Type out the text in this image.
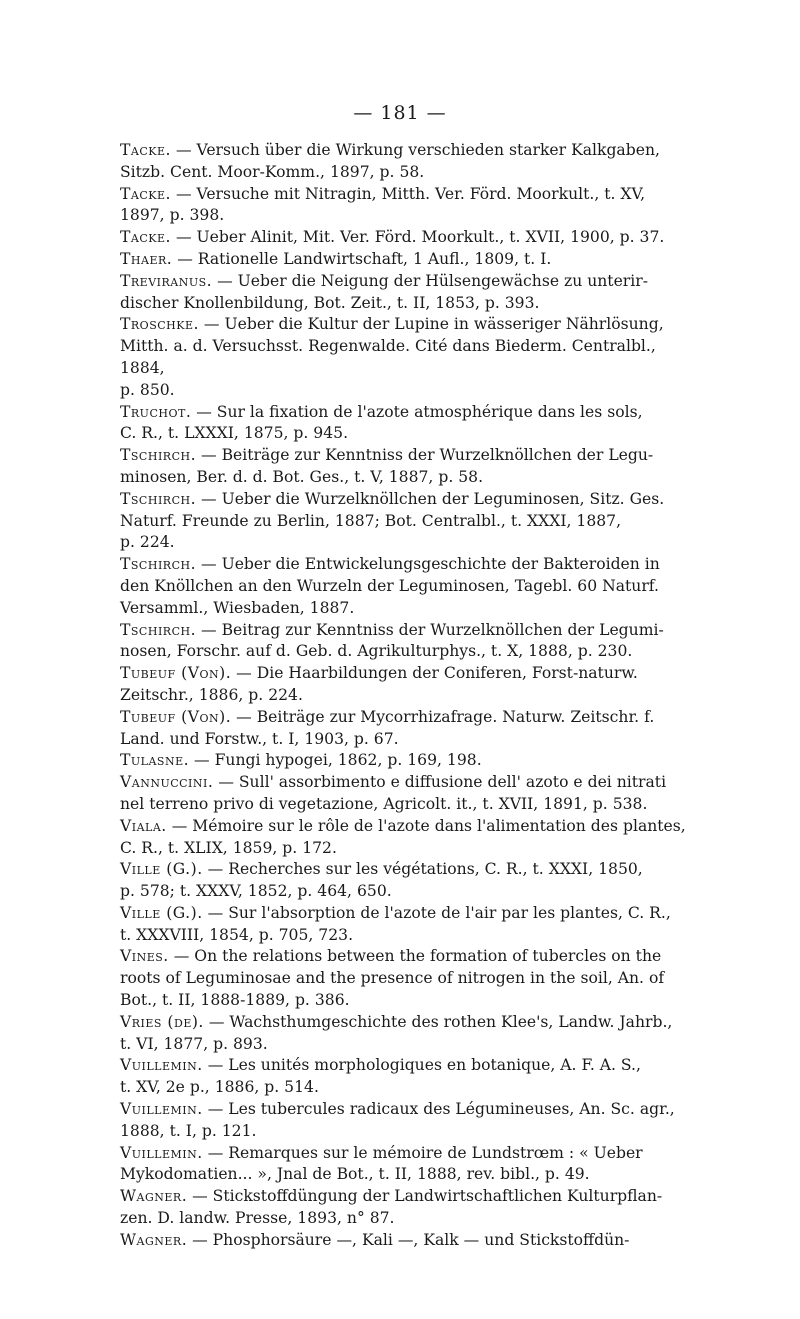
— 181 —
Tacke. — Versuch über die Wirkung verschieden starker Kalkgaben,
Sitzb. Cent. Moor-Komm., 1897, p. 58.
Tacke. — Versuche mit Nitragin, Mitth. Ver. Förd. Moorkult., t. XV,
1897, p. 398.
Tacke. — Ueber Alinit, Mit. Ver. Förd. Moorkult., t. XVII, 1900, p. 37.
Thaer. — Rationelle Landwirtschaft, 1 Aufl., 1809, t. I.
Treviranus. — Ueber die Neigung der Hülsengewächse zu unterir-
discher Knollenbildung, Bot. Zeit., t. II, 1853, p. 393.
Troschke. — Ueber die Kultur der Lupine in wässeriger Nährlösung,
Mitth. a. d. Versuchsst. Regenwalde. Cité dans Biederm. Centralbl., 1884,
p. 850.
Truchot. — Sur la fixation de l'azote atmosphérique dans les sols,
C. R., t. LXXXI, 1875, p. 945.
Tschirch. — Beiträge zur Kenntniss der Wurzelknöllchen der Legu-
minosen, Ber. d. d. Bot. Ges., t. V, 1887, p. 58.
Tschirch. — Ueber die Wurzelknöllchen der Leguminosen, Sitz. Ges.
Naturf. Freunde zu Berlin, 1887; Bot. Centralbl., t. XXXI, 1887,
p. 224.
Tschirch. — Ueber die Entwickelungsgeschichte der Bakteroiden in
den Knöllchen an den Wurzeln der Leguminosen, Tagebl. 60 Naturf.
Versamml., Wiesbaden, 1887.
Tschirch. — Beitrag zur Kenntniss der Wurzelknöllchen der Legumi-
nosen, Forschr. auf d. Geb. d. Agrikulturphys., t. X, 1888, p. 230.
Tubeuf (Von). — Die Haarbildungen der Coniferen, Forst-naturw.
Zeitschr., 1886, p. 224.
Tubeuf (Von). — Beiträge zur Mycorrhizafrage. Naturw. Zeitschr. f.
Land. und Forstw., t. I, 1903, p. 67.
Tulasne. — Fungi hypogei, 1862, p. 169, 198.
Vannuccini. — Sull' assorbimento e diffusione dell' azoto e dei nitrati
nel terreno privo di vegetazione, Agricolt. it., t. XVII, 1891, p. 538.
Viala. — Mémoire sur le rôle de l'azote dans l'alimentation des plantes,
C. R., t. XLIX, 1859, p. 172.
Ville (G.). — Recherches sur les végétations, C. R., t. XXXI, 1850,
p. 578; t. XXXV, 1852, p. 464, 650.
Ville (G.). — Sur l'absorption de l'azote de l'air par les plantes, C. R.,
t. XXXVIII, 1854, p. 705, 723.
Vines. — On the relations between the formation of tubercles on the
roots of Leguminosae and the presence of nitrogen in the soil, An. of
Bot., t. II, 1888-1889, p. 386.
Vries (de). — Wachsthumgeschichte des rothen Klee's, Landw. Jahrb.,
t. VI, 1877, p. 893.
Vuillemin. — Les unités morphologiques en botanique, A. F. A. S.,
t. XV, 2e p., 1886, p. 514.
Vuillemin. — Les tubercules radicaux des Légumineuses, An. Sc. agr.,
1888, t. I, p. 121.
Vuillemin. — Remarques sur le mémoire de Lundstrœm : « Ueber
Mykodomatien... », Jnal de Bot., t. II, 1888, rev. bibl., p. 49.
Wagner. — Stickstoffdüngung der Landwirtschaftlichen Kulturpflan-
zen. D. landw. Presse, 1893, n° 87.
Wagner. — Phosphorsäure —, Kali —, Kalk — und Stickstoffdün-
